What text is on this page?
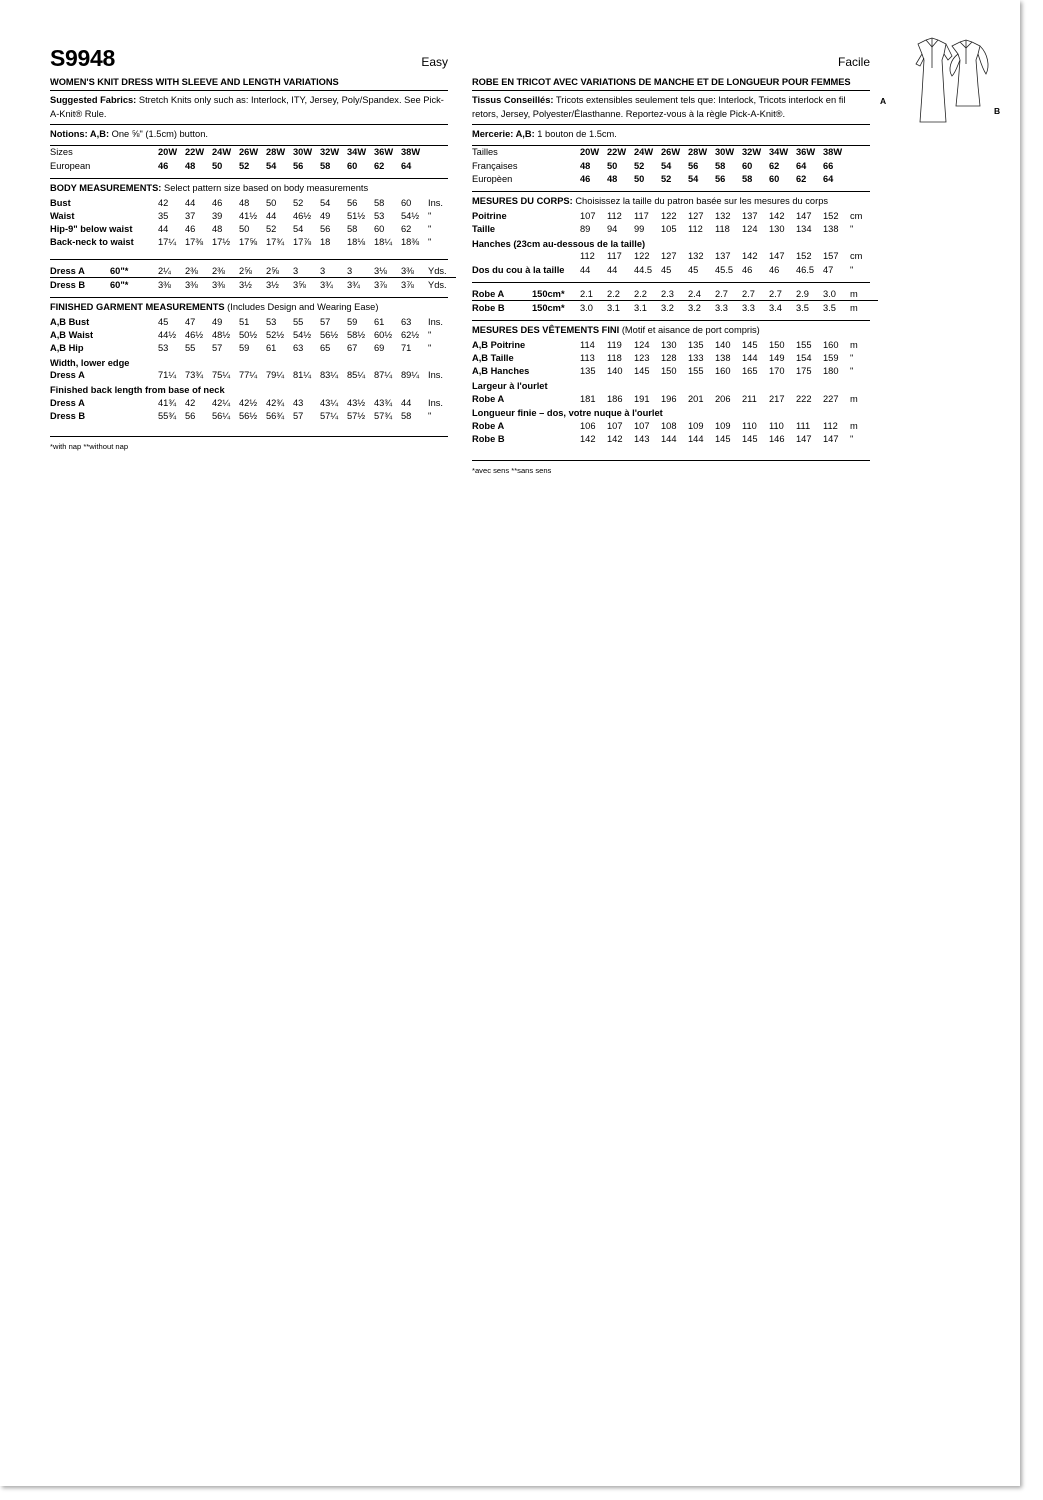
S9948	Easy
WOMEN'S KNIT DRESS WITH SLEEVE AND LENGTH VARIATIONS
Suggested Fabrics: Stretch Knits only such as: Interlock, ITY, Jersey, Poly/Spandex. See Pick-A-Knit® Rule.
Notions: A,B: One ⅝" (1.5cm) button.
Sizes	20W	22W	24W	26W	28W	30W	32W	34W	36W	38W	
European	46	48	50	52	54	56	58	60	62	64	
BODY MEASUREMENTS: Select pattern size based on body measurements
Bust	42	44	46	48	50	52	54	56	58	60	Ins.
Waist	35	37	39	41½	44	46½	49	51½	53	54½	"
Hip-9" below waist	44	46	48	50	52	54	56	58	60	62	"
Back-neck to waist	17¼	17⅜	17½	17⅝	17¾	17⅞	18	18⅛	18¼	18⅜	"
Dress A	60"*	2¼	2⅜	2⅜	2⅝	2⅝	3	3	3	3⅛	3⅜	Yds.
Dress B	60"*	3⅜	3⅜	3⅜	3½	3½	3⅝	3¾	3¾	3⅞	3⅞	Yds.
FINISHED GARMENT MEASUREMENTS (Includes Design and Wearing Ease)
A,B Bust	45	47	49	51	53	55	57	59	61	63	Ins.
A,B Waist	44½	46½	48½	50½	52½	54½	56½	58½	60½	62½	"
A,B Hip	53	55	57	59	61	63	65	67	69	71	"
Width, lower edge
Dress A	71¼	73¾	75¼	77¼	79¼	81¼	83¼	85¼	87¼	89¼	Ins.
Finished back length from base of neck
Dress A	41¾	42	42¼	42½	42¾	43	43¼	43½	43¾	44	Ins.
Dress B	55¾	56	56¼	56½	56¾	57	57¼	57½	57¾	58	"
*with nap **without nap
Facile
ROBE EN TRICOT AVEC VARIATIONS DE MANCHE ET DE LONGUEUR POUR FEMMES
Tissus Conseillés: Tricots extensibles seulement tels que: Interlock, Tricots interlock en fil retors, Jersey, Polyester/Élasthanne. Reportez-vous à la règle Pick-A-Knit®.
Mercerie: A,B: 1 bouton de 1.5cm.
Tailles	20W	22W	24W	26W	28W	30W	32W	34W	36W	38W	
Françaises	48	50	52	54	56	58	60	62	64	66	
Europèen	46	48	50	52	54	56	58	60	62	64	
MESURES DU CORPS: Choisissez la taille du patron basée sur les mesures du corps
Poitrine	107	112	117	122	127	132	137	142	147	152	cm
Taille	89	94	99	105	112	118	124	130	134	138	"
Hanches (23cm au-dessous de la taille)
	112	117	122	127	132	137	142	147	152	157	cm
Dos du cou à la taille	44	44	44.5	45	45	45.5	46	46	46.5	47	"
Robe A	150cm*	2.1	2.2	2.2	2.3	2.4	2.7	2.7	2.7	2.9	3.0	m
Robe B	150cm*	3.0	3.1	3.1	3.2	3.2	3.3	3.3	3.4	3.5	3.5	m
MESURES DES VÊTEMENTS FINI (Motif et aisance de port compris)
A,B Poitrine	114	119	124	130	135	140	145	150	155	160	m
A,B Taille	113	118	123	128	133	138	144	149	154	159	"
A,B Hanches	135	140	145	150	155	160	165	170	175	180	"
Largeur à l'ourlet
Robe A	181	186	191	196	201	206	211	217	222	227	m
Longueur finie – dos, votre nuque à l'ourlet
Robe A	106	107	107	108	109	109	110	110	111	112	m
Robe B	142	142	143	144	144	145	145	146	147	147	"
*avec sens **sans sens
A
B
